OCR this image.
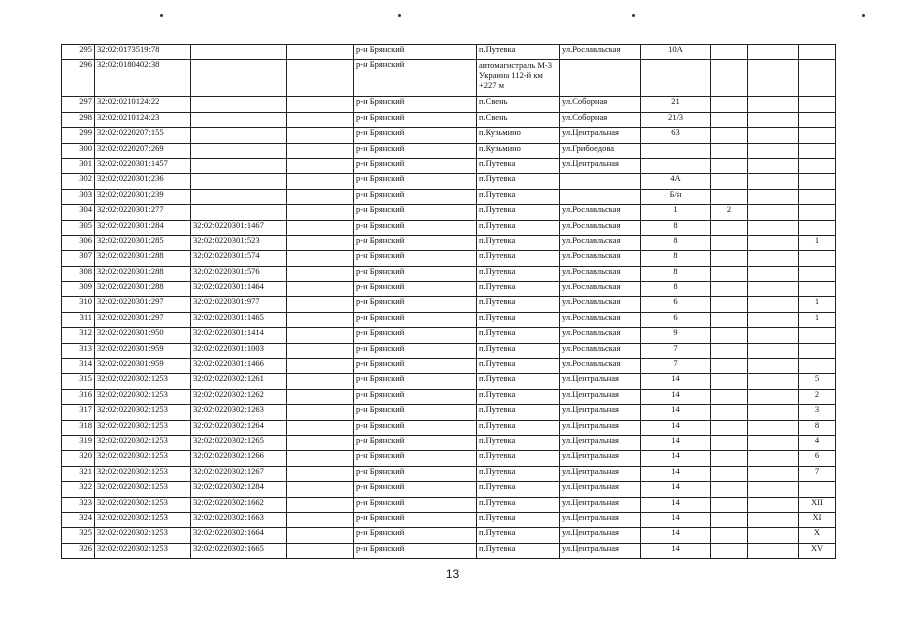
295	32:02:0173519:78			р-н Брянский	п.Путевка	ул.Рославльская	10А			
296	32:02:0180402:38			р-н Брянский	автомагистраль М-3 Украина 112-й км +227 м					
297	32:02:0210124:22			р-н Брянский	п.Свень	ул.Соборная	21			
298	32:02:0210124:23			р-н Брянский	п.Свень	ул.Соборная	21/3			
299	32:02:0220207:155			р-н Брянский	п.Кузьмино	ул.Центральная	63			
300	32:02:0220207:269			р-н Брянский	п.Кузьмино	ул.Грибоедова				
301	32:02:0220301:1457			р-н Брянский	п.Путевка	ул.Центральная				
302	32:02:0220301:236			р-н Брянский	п.Путевка		4А			
303	32:02:0220301:239			р-н Брянский	п.Путевка		Б/н			
304	32:02:0220301:277			р-н Брянский	п.Путевка	ул.Рославльская	1	2		
305	32:02:0220301:284	32:02:0220301:1467		р-н Брянский	п.Путевка	ул.Рославльская	8			
306	32:02:0220301:285	32:02:0220301:523		р-н Брянский	п.Путевка	ул.Рославльская	8			1
307	32:02:0220301:288	32:02:0220301:574		р-н Брянский	п.Путевка	ул.Рославльская	8			
308	32:02:0220301:288	32:02:0220301:576		р-н Брянский	п.Путевка	ул.Рославльская	8			
309	32:02:0220301:288	32:02:0220301:1464		р-н Брянский	п.Путевка	ул.Рославльская	8			
310	32:02:0220301:297	32:02:0220301:977		р-н Брянский	п.Путевка	ул.Рославльская	6			1
311	32:02:0220301:297	32:02:0220301:1465		р-н Брянский	п.Путевка	ул.Рославльская	6			1
312	32:02:0220301:950	32:02:0220301:1414		р-н Брянский	п.Путевка	ул.Рославльская	9			
313	32:02:0220301:959	32:02:0220301:1003		р-н Брянский	п.Путевка	ул.Рославльская	7			
314	32:02:0220301:959	32:02:0220301:1466		р-н Брянский	п.Путевка	ул.Рославльская	7			
315	32:02:0220302:1253	32:02:0220302:1261		р-н Брянский	п.Путевка	ул.Центральная	14			5
316	32:02:0220302:1253	32:02:0220302:1262		р-н Брянский	п.Путевка	ул.Центральная	14			2
317	32:02:0220302:1253	32:02:0220302:1263		р-н Брянский	п.Путевка	ул.Центральная	14			3
318	32:02:0220302:1253	32:02:0220302:1264		р-н Брянский	п.Путевка	ул.Центральная	14			8
319	32:02:0220302:1253	32:02:0220302:1265		р-н Брянский	п.Путевка	ул.Центральная	14			4
320	32:02:0220302:1253	32:02:0220302:1266		р-н Брянский	п.Путевка	ул.Центральная	14			6
321	32:02:0220302:1253	32:02:0220302:1267		р-н Брянский	п.Путевка	ул.Центральная	14			7
322	32:02:0220302:1253	32:02:0220302:1284		р-н Брянский	п.Путевка	ул.Центральная	14			
323	32:02:0220302:1253	32:02:0220302:1662		р-н Брянский	п.Путевка	ул.Центральная	14			XII
324	32:02:0220302:1253	32:02:0220302:1663		р-н Брянский	п.Путевка	ул.Центральная	14			XI
325	32:02:0220302:1253	32:02:0220302:1664		р-н Брянский	п.Путевка	ул.Центральная	14			X
326	32:02:0220302:1253	32:02:0220302:1665		р-н Брянский	п.Путевка	ул.Центральная	14			XV
13
